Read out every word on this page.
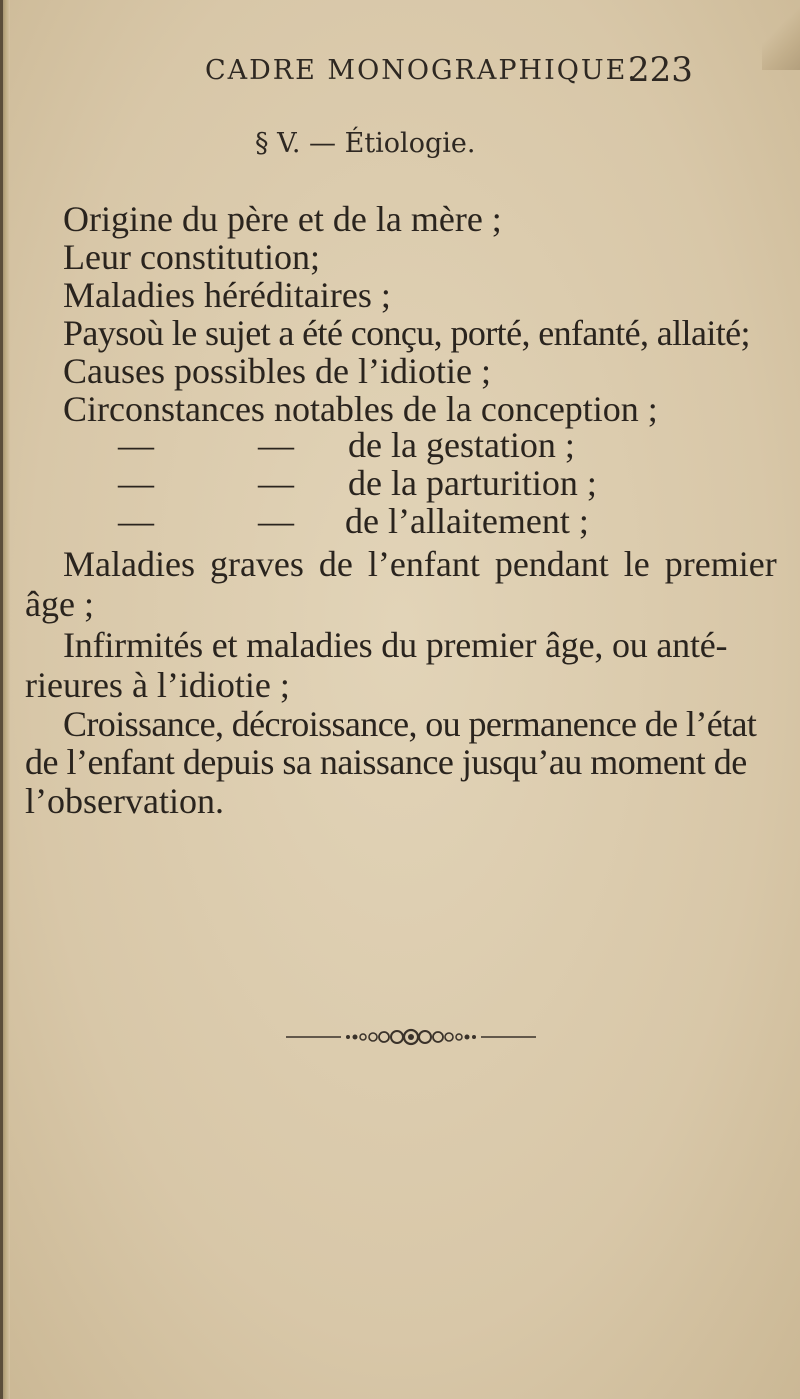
CADRE MONOGRAPHIQUE.
223
§ V. — Étiologie.
Origine du père et de la mère ;
Leur constitution;
Maladies héréditaires ;
Paysoù le sujet a été conçu, porté, enfanté, allaité;
Causes possibles de l’idiotie ;
Circonstances notables de la conception ;
—	— de la gestation ;
—	— de la parturition ;
—	— de l’allaitement ;
Maladies graves de l’enfant pendant le premier
âge ;
Infirmités et maladies du premier âge, ou anté-
rieures à l’idiotie ;
Croissance, décroissance, ou permanence de l’état
de l’enfant depuis sa naissance jusqu’au moment de
l’observation.
